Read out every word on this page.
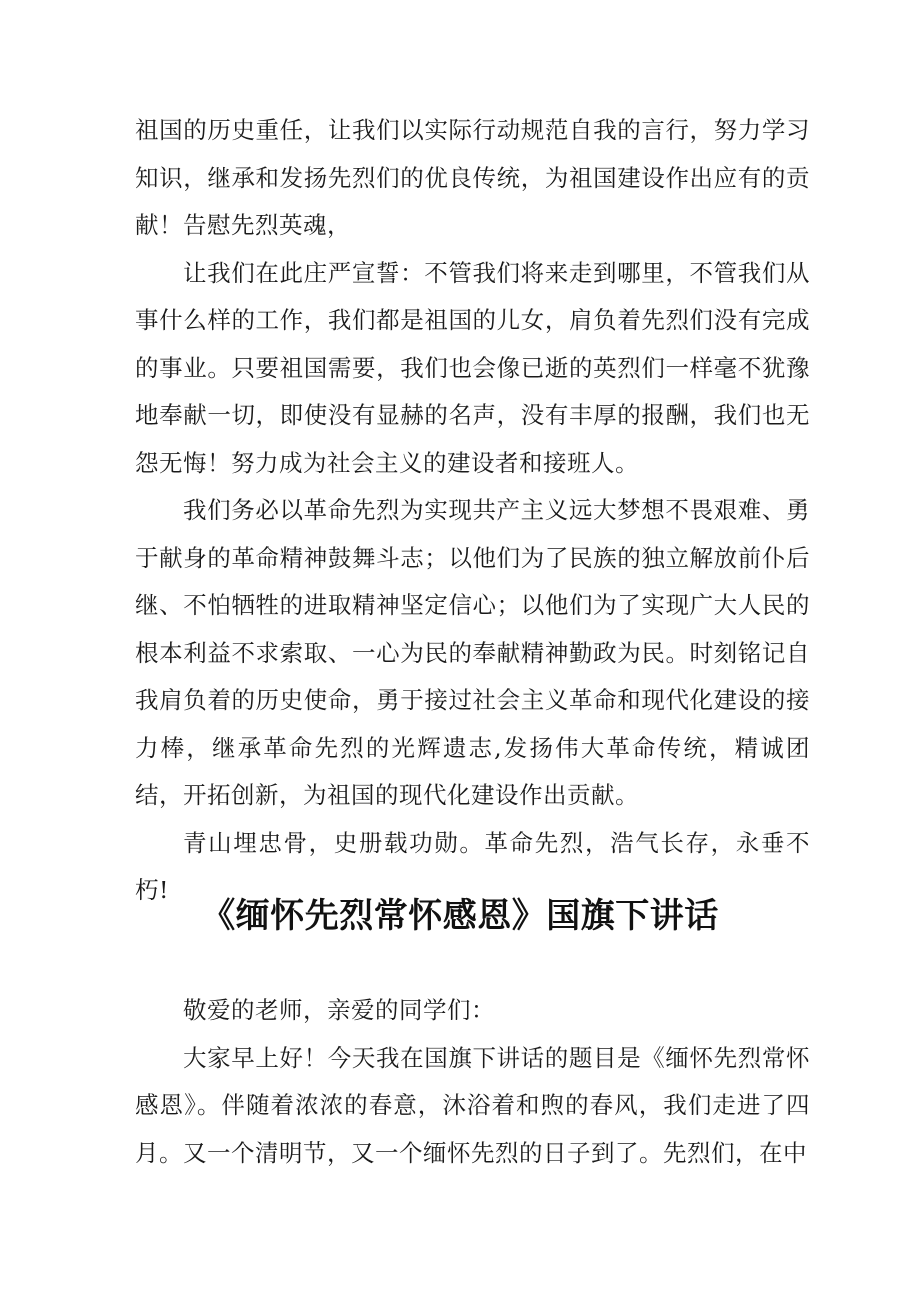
祖国的历史重任，让我们以实际行动规范自我的言行，努力学习知识，继承和发扬先烈们的优良传统，为祖国建设作出应有的贡献！告慰先烈英魂，

让我们在此庄严宣誓：不管我们将来走到哪里，不管我们从事什么样的工作，我们都是祖国的儿女，肩负着先烈们没有完成的事业。只要祖国需要，我们也会像已逝的英烈们一样毫不犹豫地奉献一切，即使没有显赫的名声，没有丰厚的报酬，我们也无怨无悔！努力成为社会主义的建设者和接班人。

我们务必以革命先烈为实现共产主义远大梦想不畏艰难、勇于献身的革命精神鼓舞斗志；以他们为了民族的独立解放前仆后继、不怕牺牲的进取精神坚定信心；以他们为了实现广大人民的根本利益不求索取、一心为民的奉献精神勤政为民。时刻铭记自我肩负着的历史使命，勇于接过社会主义革命和现代化建设的接力棒，继承革命先烈的光辉遗志,发扬伟大革命传统，精诚团结，开拓创新，为祖国的现代化建设作出贡献。

青山埋忠骨，史册载功勋。革命先烈，浩气长存，永垂不朽!

《缅怀先烈常怀感恩》国旗下讲话

敬爱的老师，亲爱的同学们：

大家早上好！今天我在国旗下讲话的题目是《缅怀先烈常怀感恩》。伴随着浓浓的春意，沐浴着和煦的春风，我们走进了四月。又一个清明节，又一个缅怀先烈的日子到了。先烈们，在中
